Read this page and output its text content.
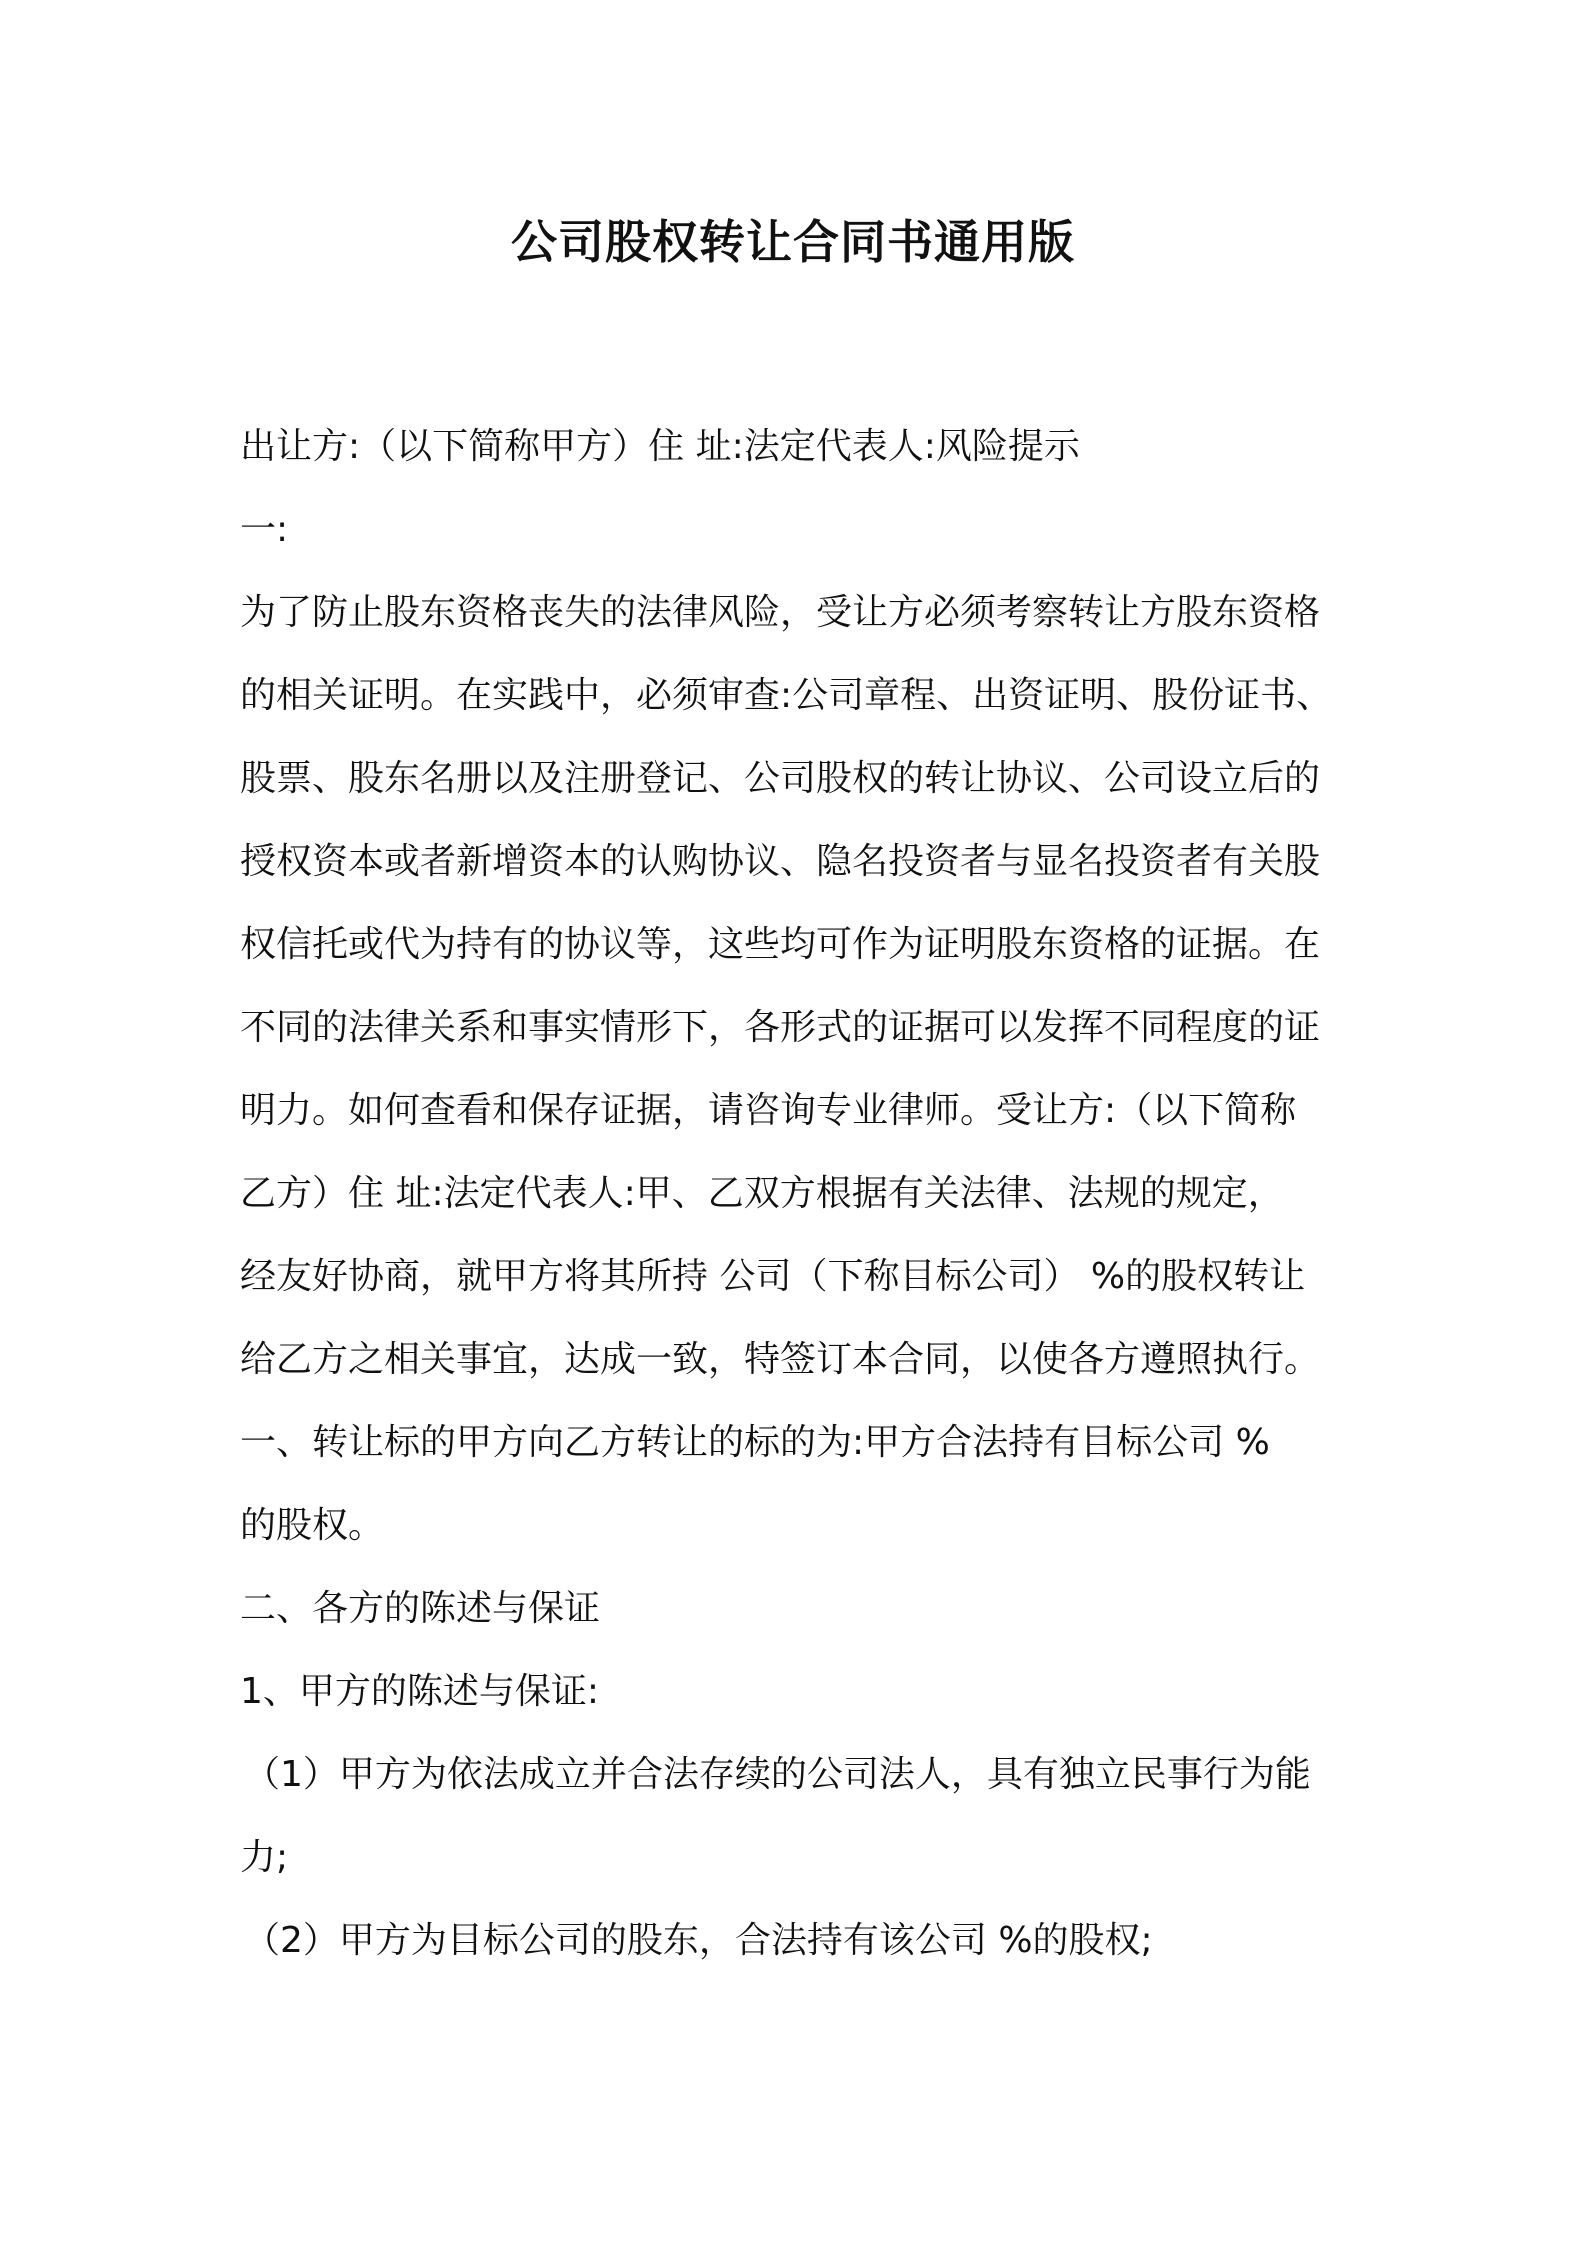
公司股权转让合同书通用版
出让方:（以下简称甲方）住 址:法定代表人:风险提示
一:
为了防止股东资格丧失的法律风险，受让方必须考察转让方股东资格
的相关证明。在实践中，必须审查:公司章程、出资证明、股份证书、
股票、股东名册以及注册登记、公司股权的转让协议、公司设立后的
授权资本或者新增资本的认购协议、隐名投资者与显名投资者有关股
权信托或代为持有的协议等，这些均可作为证明股东资格的证据。在
不同的法律关系和事实情形下，各形式的证据可以发挥不同程度的证
明力。如何查看和保存证据，请咨询专业律师。受让方:（以下简称
乙方）住 址:法定代表人:甲、乙双方根据有关法律、法规的规定，
经友好协商，就甲方将其所持 公司（下称目标公司） %的股权转让
给乙方之相关事宜，达成一致，特签订本合同，以使各方遵照执行。
一、转让标的甲方向乙方转让的标的为:甲方合法持有目标公司 %
的股权。
二、各方的陈述与保证
1、甲方的陈述与保证:
（1）甲方为依法成立并合法存续的公司法人，具有独立民事行为能
力;
（2）甲方为目标公司的股东，合法持有该公司 %的股权;
